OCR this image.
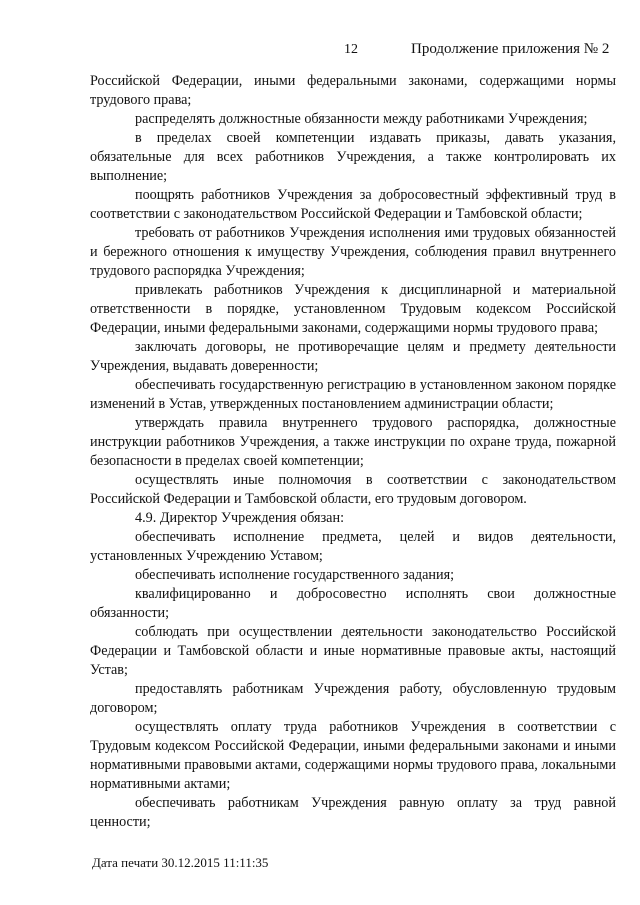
12	Продолжение приложения № 2

Российской Федерации, иными федеральными законами, содержащими нормы трудового права;

распределять должностные обязанности между работниками Учреждения;

в пределах своей компетенции издавать приказы, давать указания, обязательные для всех работников Учреждения, а также контролировать их выполнение;

поощрять работников Учреждения за добросовестный эффективный труд в соответствии с законодательством Российской Федерации и Тамбовской области;

требовать от работников Учреждения исполнения ими трудовых обязанностей и бережного отношения к имуществу Учреждения, соблюдения правил внутреннего трудового распорядка Учреждения;

привлекать работников Учреждения к дисциплинарной и материальной ответственности в порядке, установленном Трудовым кодексом Российской Федерации, иными федеральными законами, содержащими нормы трудового права;

заключать договоры, не противоречащие целям и предмету деятельности Учреждения, выдавать доверенности;

обеспечивать государственную регистрацию в установленном законом порядке изменений в Устав, утвержденных постановлением администрации области;

утверждать правила внутреннего трудового распорядка, должностные инструкции работников Учреждения, а также инструкции по охране труда, пожарной безопасности в пределах своей компетенции;

осуществлять иные полномочия в соответствии с законодательством Российской Федерации и Тамбовской области, его трудовым договором.

4.9. Директор Учреждения обязан:

обеспечивать исполнение предмета, целей и видов деятельности, установленных Учреждению Уставом;

обеспечивать исполнение государственного задания;

квалифицированно и добросовестно исполнять свои должностные обязанности;

соблюдать при осуществлении деятельности законодательство Российской Федерации и Тамбовской области и иные нормативные правовые акты, настоящий Устав;

предоставлять работникам Учреждения работу, обусловленную трудовым договором;

осуществлять оплату труда работников Учреждения в соответствии с Трудовым кодексом Российской Федерации, иными федеральными законами и иными нормативными правовыми актами, содержащими нормы трудового права, локальными нормативными актами;

обеспечивать работникам Учреждения равную оплату за труд равной ценности;

Дата печати 30.12.2015 11:11:35
